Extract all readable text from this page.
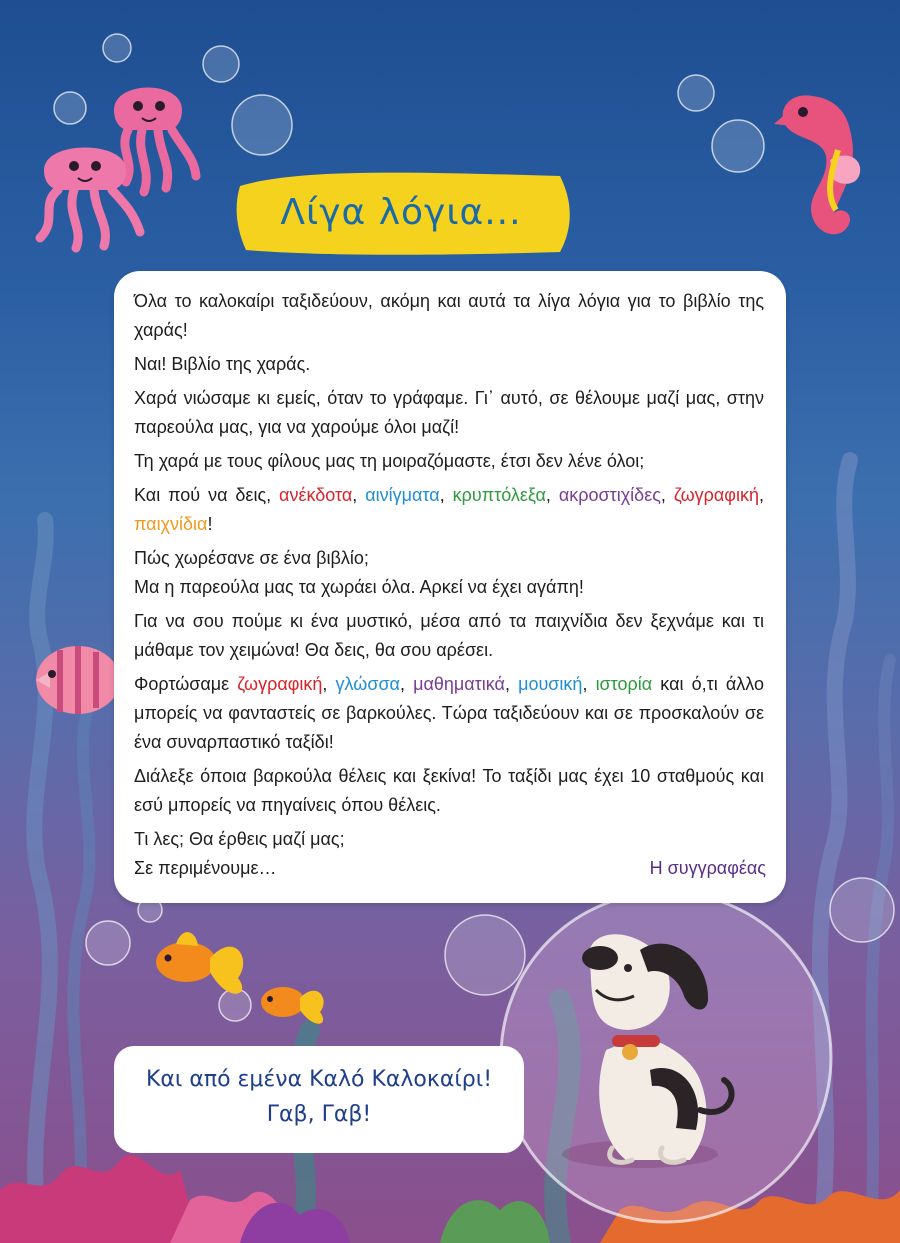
Λίγα λόγια...

Όλα το καλοκαίρι ταξιδεύουν, ακόμη και αυτά τα λίγα λόγια για το βιβλίο της χαράς!

Ναι! Βιβλίο της χαράς.

Χαρά νιώσαμε κι εμείς, όταν το γράφαμε. Γι᾽ αυτό, σε θέλουμε μαζί μας, στην παρεούλα μας, για να χαρούμε όλοι μαζί!

Τη χαρά με τους φίλους μας τη μοιραζόμαστε, έτσι δεν λένε όλοι;

Και πού να δεις, ανέκδοτα, αινίγματα, κρυπτόλεξα, ακροστιχίδες, ζωγραφική, παιχνίδια!

Πώς χωρέσανε σε ένα βιβλίο;

Μα η παρεούλα μας τα χωράει όλα. Αρκεί να έχει αγάπη!

Για να σου πούμε κι ένα μυστικό, μέσα από τα παιχνίδια δεν ξεχνάμε και τι μάθαμε τον χειμώνα! Θα δεις, θα σου αρέσει.

Φορτώσαμε ζωγραφική, γλώσσα, μαθηματικά, μουσική, ιστορία και ό,τι άλλο μπορείς να φανταστείς σε βαρκούλες. Τώρα ταξιδεύουν και σε προσκαλούν σε ένα συναρπαστικό ταξίδι!

Διάλεξε όποια βαρκούλα θέλεις και ξεκίνα! Το ταξίδι μας έχει 10 σταθμούς και εσύ μπορείς να πηγαίνεις όπου θέλεις.

Τι λες; Θα έρθεις μαζί μας;

Σε περιμένουμε…	Η συγγραφέας
Και από εμένα Καλό Καλοκαίρι!
Γαβ, Γαβ!
